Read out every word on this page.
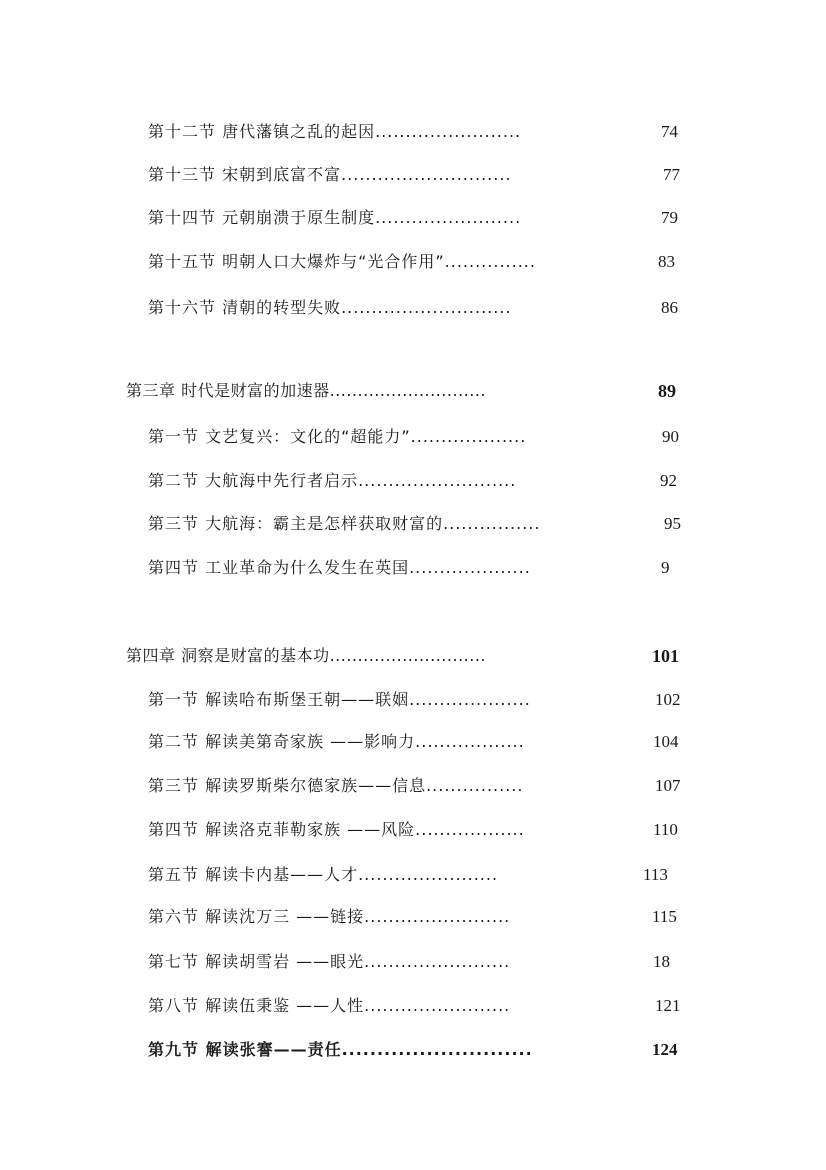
第十二节 唐代藩镇之乱的起因........................	74
第十三节 宋朝到底富不富............................	77
第十四节 元朝崩溃于原生制度........................	79
第十五节 明朝人口大爆炸与“光合作用”...............	83
第十六节 清朝的转型失败............................	86
第三章 时代是财富的加速器............................	89
第一节 文艺复兴：文化的“超能力”...................	90
第二节 大航海中先行者启示..........................	92
第三节 大航海：霸主是怎样获取财富的................	95
第四节 工业革命为什么发生在英国....................	9
第四章 洞察是财富的基本功............................	101
第一节 解读哈布斯堡王朝——联姻....................	102
第二节 解读美第奇家族 ——影响力..................	104
第三节 解读罗斯柴尔德家族——信息................	107
第四节 解读洛克菲勒家族 ——风险..................	110
第五节 解读卡内基——人才.......................	113
第六节 解读沈万三 ——链接........................	115
第七节 解读胡雪岩 ——眼光........................	18
第八节 解读伍秉鉴 ——人性........................	121
第九节 解读张謇——责任...........................	124
